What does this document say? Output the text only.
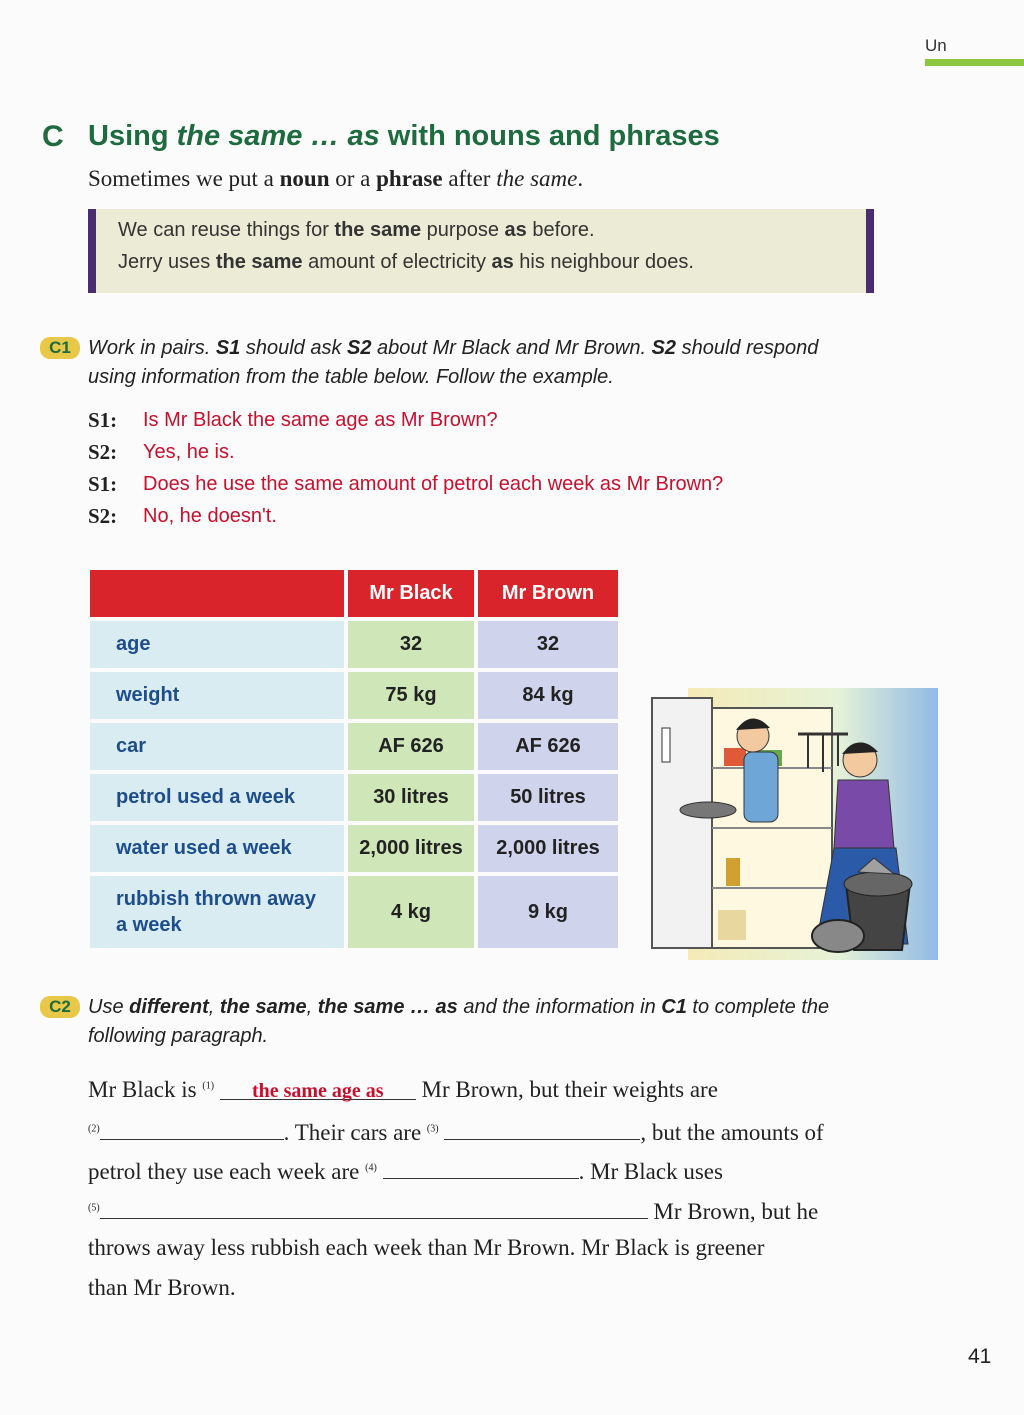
Un
C Using the same … as with nouns and phrases
Sometimes we put a noun or a phrase after the same.
We can reuse things for the same purpose as before.
Jerry uses the same amount of electricity as his neighbour does.
C1 Work in pairs. S1 should ask S2 about Mr Black and Mr Brown. S2 should respond
using information from the table below. Follow the example.
S1: Is Mr Black the same age as Mr Brown?
S2: Yes, he is.
S1: Does he use the same amount of petrol each week as Mr Brown?
S2: No, he doesn't.
	Mr Black	Mr Brown
age	32	32
weight	75 kg	84 kg
car	AF 626	AF 626
petrol used a week	30 litres	50 litres
water used a week	2,000 litres	2,000 litres
rubbish thrown away
a week	4 kg	9 kg
C2 Use different, the same, the same … as and the information in C1 to complete the
following paragraph.
Mr Black is $^{(1)}$ the same age as Mr Brown, but their weights are
$^{(2)}$	. Their cars are $^{(3)}$	, but the amounts of
petrol they use each week are $^{(4)}$	. Mr Black uses
$^{(5)}$	Mr Brown, but he
throws away less rubbish each week than Mr Brown. Mr Black is greener
than Mr Brown.
41
